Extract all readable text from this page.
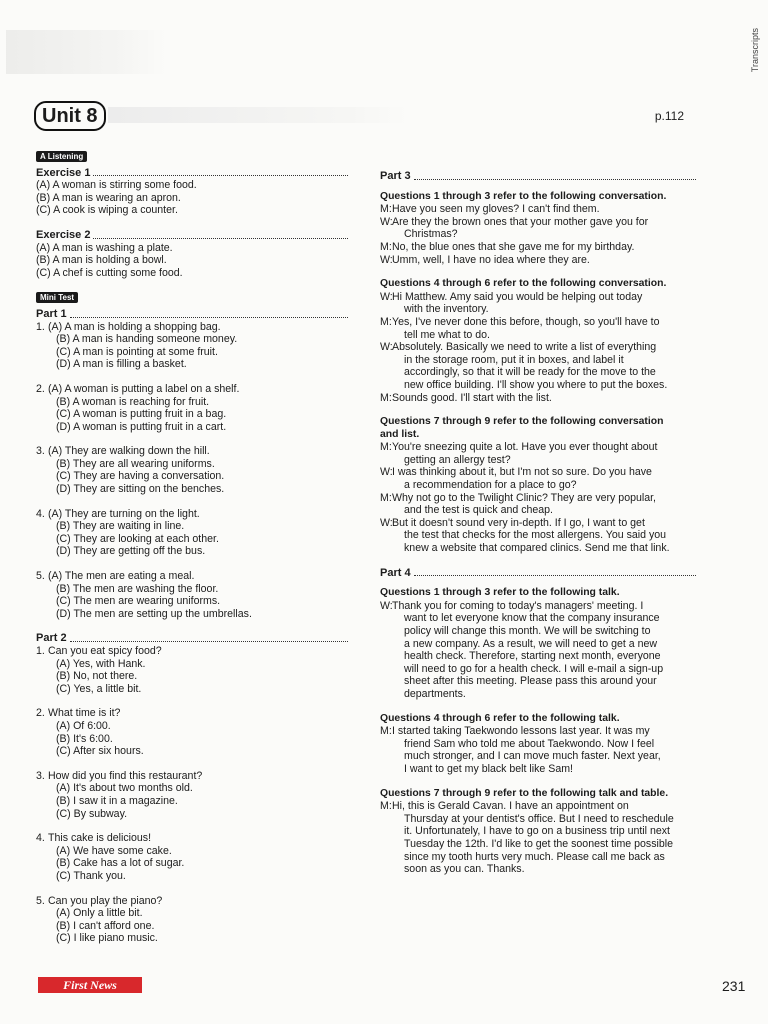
Transcripts
Unit 8	p.112
A Listening
Exercise 1
(A) A woman is stirring some food.
(B) A man is wearing an apron.
(C) A cook is wiping a counter.
Exercise 2
(A) A man is washing a plate.
(B) A man is holding a bowl.
(C) A chef is cutting some food.
Mini Test
Part 1
1. (A) A man is holding a shopping bag.
(B) A man is handing someone money.
(C) A man is pointing at some fruit.
(D) A man is filling a basket.
2. (A) A woman is putting a label on a shelf.
(B) A woman is reaching for fruit.
(C) A woman is putting fruit in a bag.
(D) A woman is putting fruit in a cart.
3. (A) They are walking down the hill.
(B) They are all wearing uniforms.
(C) They are having a conversation.
(D) They are sitting on the benches.
4. (A) They are turning on the light.
(B) They are waiting in line.
(C) They are looking at each other.
(D) They are getting off the bus.
5. (A) The men are eating a meal.
(B) The men are washing the floor.
(C) The men are wearing uniforms.
(D) The men are setting up the umbrellas.
Part 2
1. Can you eat spicy food?
(A) Yes, with Hank.
(B) No, not there.
(C) Yes, a little bit.
2. What time is it?
(A) Of 6:00.
(B) It's 6:00.
(C) After six hours.
3. How did you find this restaurant?
(A) It's about two months old.
(B) I saw it in a magazine.
(C) By subway.
4. This cake is delicious!
(A) We have some cake.
(B) Cake has a lot of sugar.
(C) Thank you.
5. Can you play the piano?
(A) Only a little bit.
(B) I can't afford one.
(C) I like piano music.
Part 3
Questions 1 through 3 refer to the following conversation.
M: Have you seen my gloves? I can't find them.
W: Are they the brown ones that your mother gave you for
Christmas?
M: No, the blue ones that she gave me for my birthday.
W: Umm, well, I have no idea where they are.
Questions 4 through 6 refer to the following conversation.
W: Hi Matthew. Amy said you would be helping out today
with the inventory.
M: Yes, I've never done this before, though, so you'll have to
tell me what to do.
W: Absolutely. Basically we need to write a list of everything
in the storage room, put it in boxes, and label it
accordingly, so that it will be ready for the move to the
new office building. I'll show you where to put the boxes.
M: Sounds good. I'll start with the list.
Questions 7 through 9 refer to the following conversation
and list.
M: You're sneezing quite a lot. Have you ever thought about
getting an allergy test?
W: I was thinking about it, but I'm not so sure. Do you have
a recommendation for a place to go?
M: Why not go to the Twilight Clinic? They are very popular,
and the test is quick and cheap.
W: But it doesn't sound very in-depth. If I go, I want to get
the test that checks for the most allergens. You said you
knew a website that compared clinics. Send me that link.
Part 4
Questions 1 through 3 refer to the following talk.
W: Thank you for coming to today's managers' meeting. I
want to let everyone know that the company insurance
policy will change this month. We will be switching to
a new company. As a result, we will need to get a new
health check. Therefore, starting next month, everyone
will need to go for a health check. I will e-mail a sign-up
sheet after this meeting. Please pass this around your
departments.
Questions 4 through 6 refer to the following talk.
M: I started taking Taekwondo lessons last year. It was my
friend Sam who told me about Taekwondo. Now I feel
much stronger, and I can move much faster. Next year,
I want to get my black belt like Sam!
Questions 7 through 9 refer to the following talk and table.
M: Hi, this is Gerald Cavan. I have an appointment on
Thursday at your dentist's office. But I need to reschedule
it. Unfortunately, I have to go on a business trip until next
Tuesday the 12th. I'd like to get the soonest time possible
since my tooth hurts very much. Please call me back as
soon as you can. Thanks.
First News	231
